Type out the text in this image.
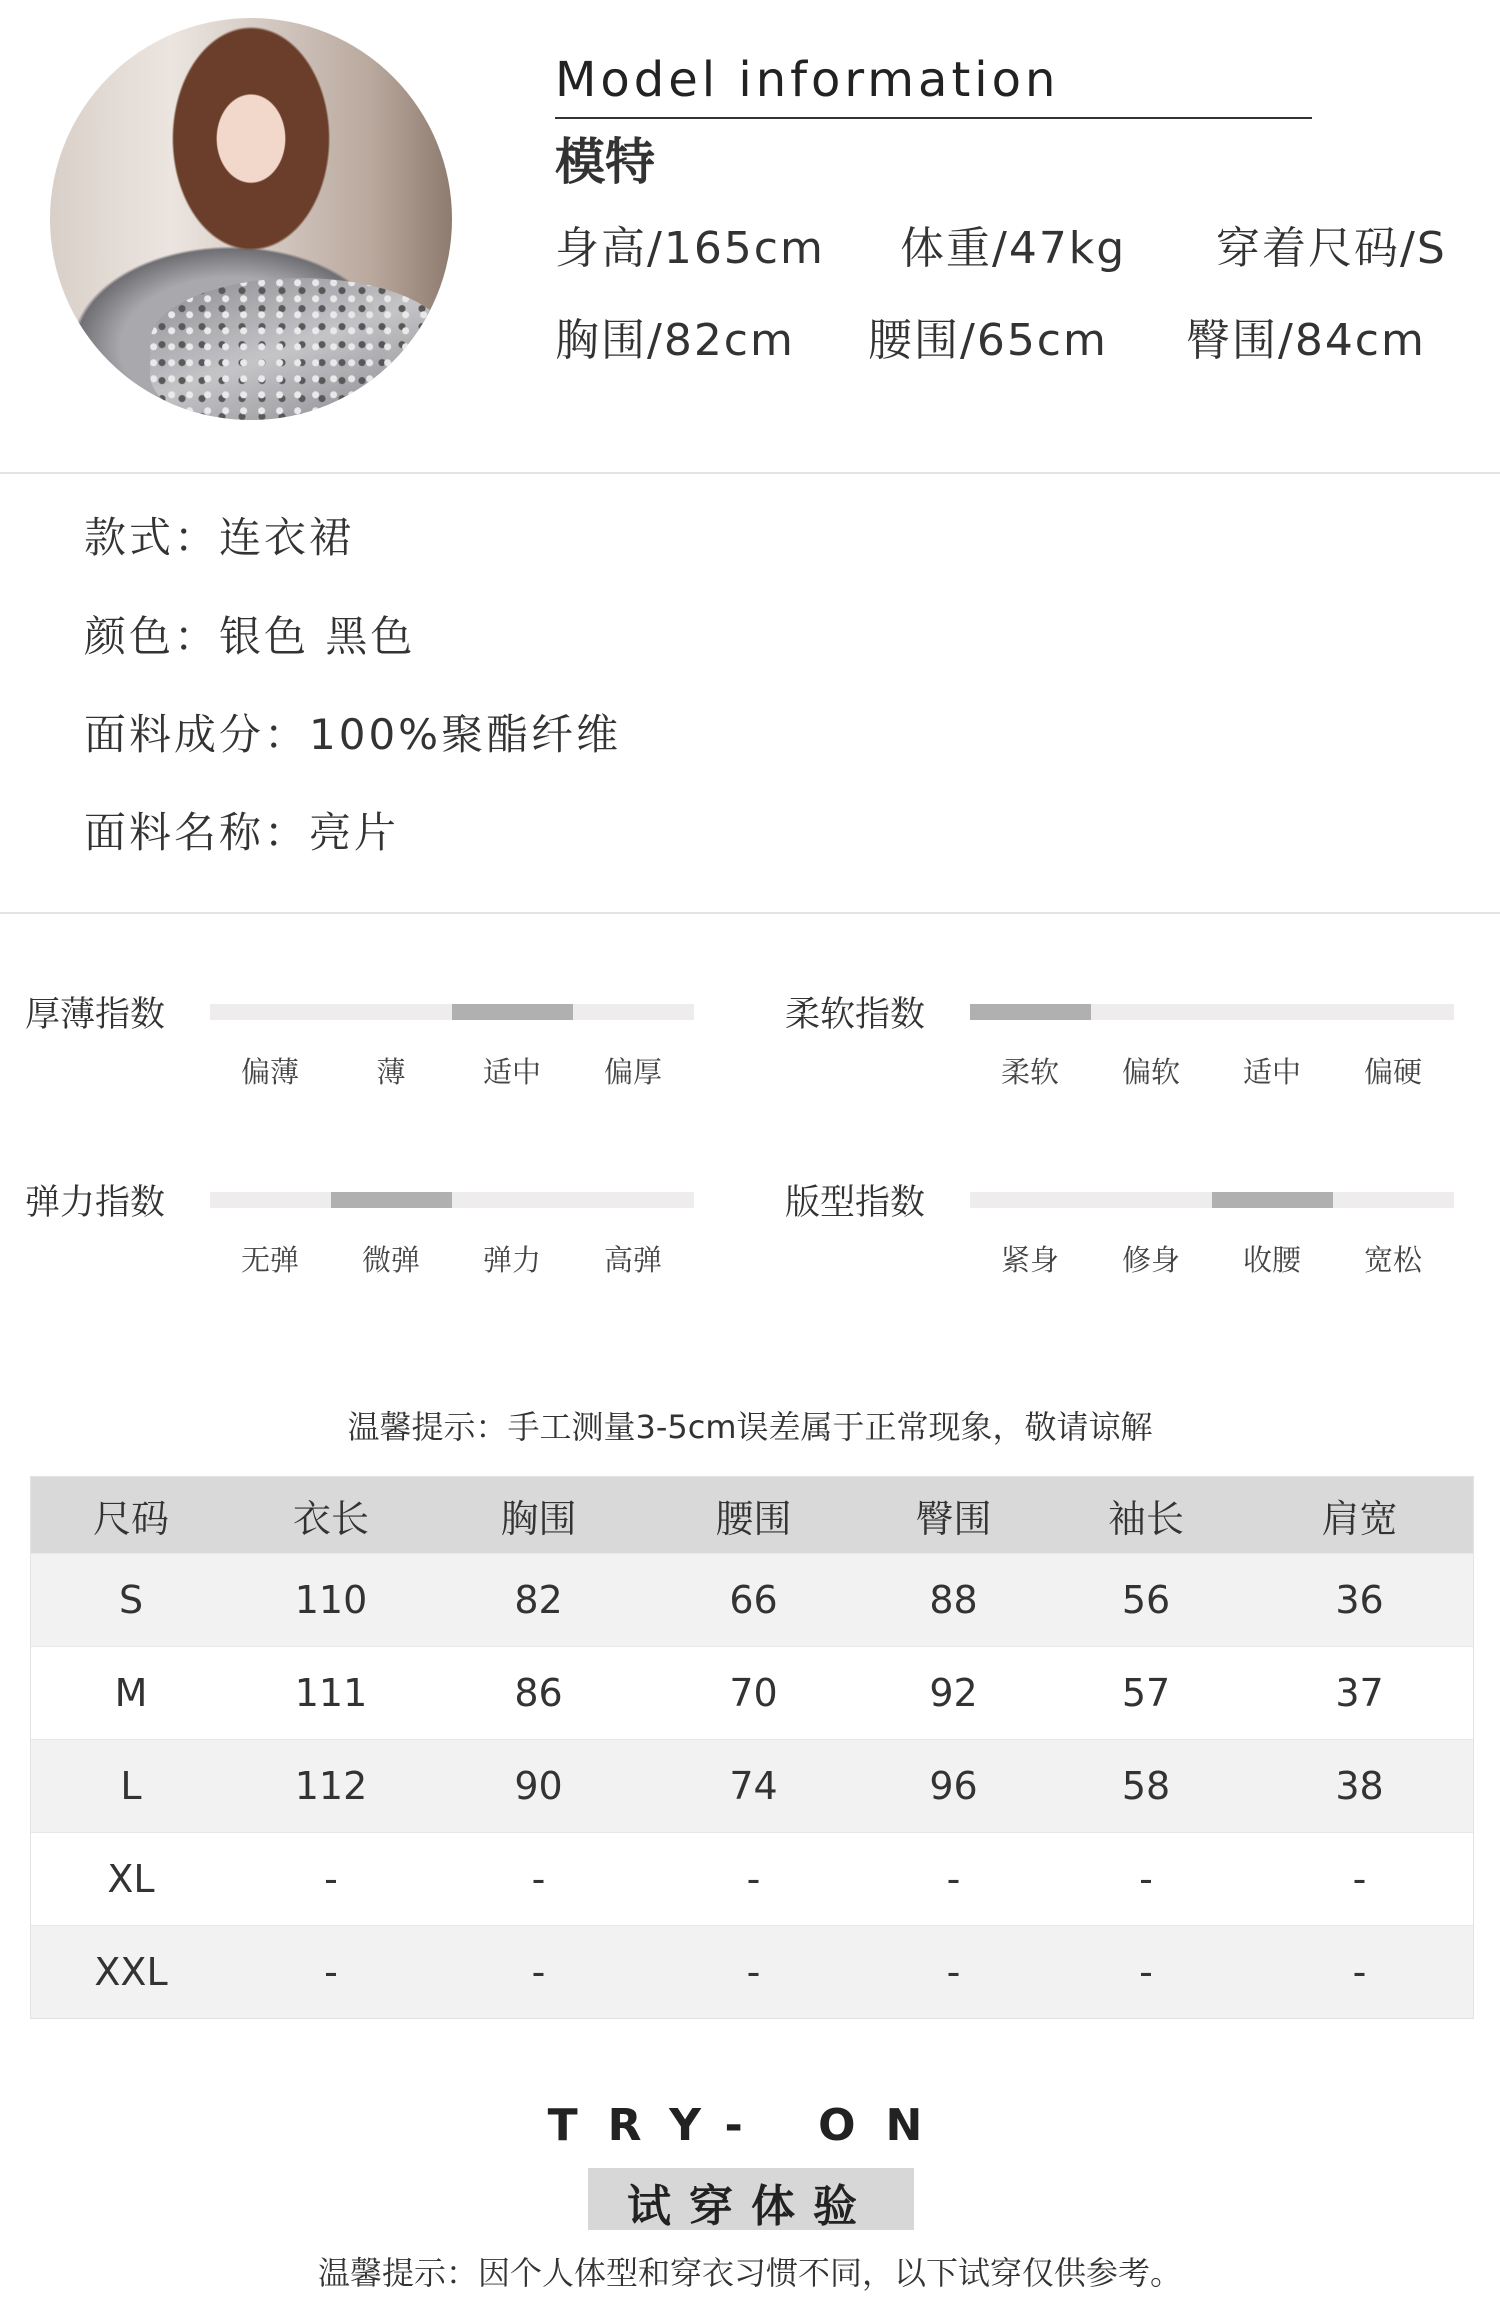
Model information
模特
身高/165cm 体重/47kg 穿着尺码/S
胸围/82cm 腰围/65cm 臀围/84cm
款式：连衣裙
颜色：银色 黑色
面料成分：100%聚酯纤维
面料名称：亮片
厚薄指数
偏薄	薄	适中 偏厚
柔软指数
柔软 偏软 适中 偏硬
弹力指数
无弹 微弹 弹力 高弹
版型指数
紧身 修身 收腰 宽松
温馨提示：手工测量3-5cm误差属于正常现象，敬请谅解
尺码	衣长	胸围	腰围	臀围	袖长	肩宽
S	110	82	66	88	56	36
M	111	86	70	92	57	37
L	112	90	74	96	58	38
XL	-	-	-	-	-	-
XXL	-	-	-	-	-	-
TRY- ON
试穿体验
温馨提示：因个人体型和穿衣习惯不同，以下试穿仅供参考。
